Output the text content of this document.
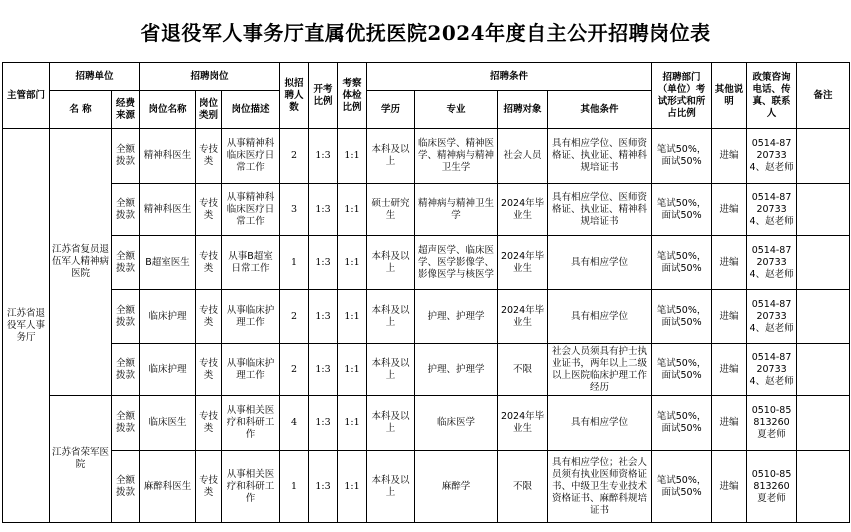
省退役军人事务厅直属优抚医院2024年度自主公开招聘岗位表
主管部门	招聘单位		招聘岗位			拟招聘人数	开考比例	考察体检比例	招聘条件				招聘部门（单位）考试形式和所占比例	其他说明	政策咨询电话、传真、联系人	备注
	名 称	经费来源	岗位名称	岗位类别	岗位描述				学历	专业	招聘对象	其他条件				
江苏省退役军人事务厅	江苏省复员退伍军人精神病医院	全额拨款	精神科医生	专技类	从事精神科临床医疗日常工作	2	1:3	1:1	本科及以上	临床医学、精神医学、精神病与精神卫生学	社会人员	具有相应学位、医师资格证、执业证、精神科规培证书	笔试50%，面试50%	进编	0514-87207334、赵老师	
		全额拨款	精神科医生	专技类	从事精神科临床医疗日常工作	3	1:3	1:1	硕士研究生	精神病与精神卫生学	2024年毕业生	具有相应学位、医师资格证、执业证、精神科规培证书	笔试50%，面试50%	进编	0514-87207334、赵老师	
		全额拨款	B超室医生	专技类	从事B超室日常工作	1	1:3	1:1	本科及以上	超声医学、临床医学、医学影像学、影像医学与核医学	2024年毕业生	具有相应学位	笔试50%，面试50%	进编	0514-87207334、赵老师	
		全额拨款	临床护理	专技类	从事临床护理工作	2	1:3	1:1	本科及以上	护理、护理学	2024年毕业生	具有相应学位	笔试50%，面试50%	进编	0514-87207334、赵老师	
		全额拨款	临床护理	专技类	从事临床护理工作	2	1:3	1:1	本科及以上	护理、护理学	不限	社会人员须具有护士执业证书，两年以上二级以上医院临床护理工作经历	笔试50%，面试50%	进编	0514-87207334、赵老师	
	江苏省荣军医院	全额拨款	临床医生	专技类	从事相关医疗和科研工作	4	1:3	1:1	本科及以上	临床医学	2024年毕业生	具有相应学位	笔试50%，面试50%	进编	0510-85813260夏老师	
		全额拨款	麻醉科医生	专技类	从事相关医疗和科研工作	1	1:3	1:1	本科及以上	麻醉学	不限	具有相应学位；社会人员须有执业医师资格证书、中级卫生专业技术资格证书、麻醉科规培证书	笔试50%，面试50%	进编	0510-85813260夏老师	
